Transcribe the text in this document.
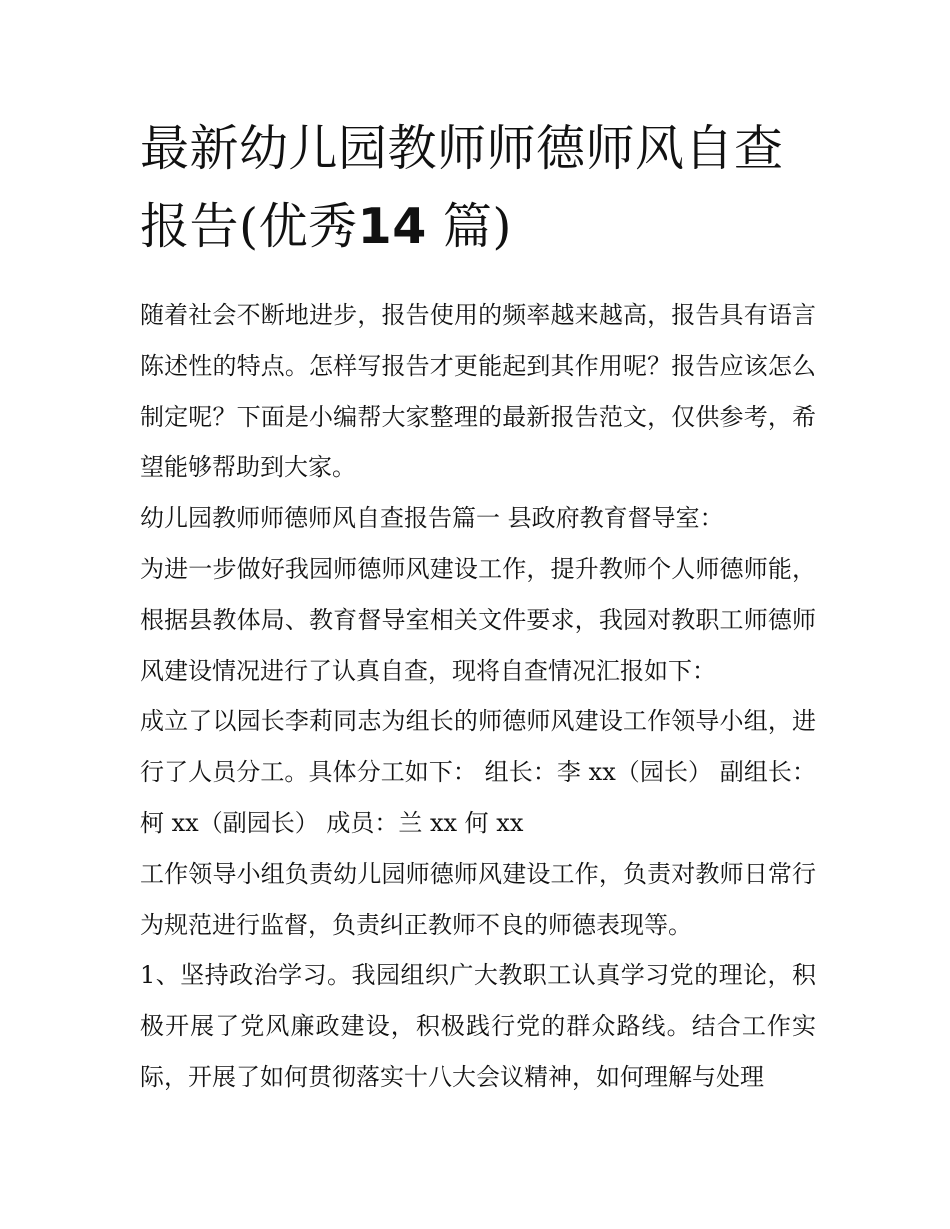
最新幼儿园教师师德师风自查报告(优秀14 篇)

随着社会不断地进步，报告使用的频率越来越高，报告具有语言陈述性的特点。怎样写报告才更能起到其作用呢？报告应该怎么制定呢？下面是小编帮大家整理的最新报告范文，仅供参考，希望能够帮助到大家。

幼儿园教师师德师风自查报告篇一 县政府教育督导室：

为进一步做好我园师德师风建设工作，提升教师个人师德师能，根据县教体局、教育督导室相关文件要求，我园对教职工师德师风建设情况进行了认真自查，现将自查情况汇报如下：

成立了以园长李莉同志为组长的师德师风建设工作领导小组，进行了人员分工。具体分工如下： 组长：李 xx（园长） 副组长：柯 xx（副园长） 成员：兰 xx 何 xx

工作领导小组负责幼儿园师德师风建设工作，负责对教师日常行为规范进行监督，负责纠正教师不良的师德表现等。

1、坚持政治学习。我园组织广大教职工认真学习党的理论，积极开展了党风廉政建设，积极践行党的群众路线。结合工作实际，开展了如何贯彻落实十八大会议精神，如何理解与处理
